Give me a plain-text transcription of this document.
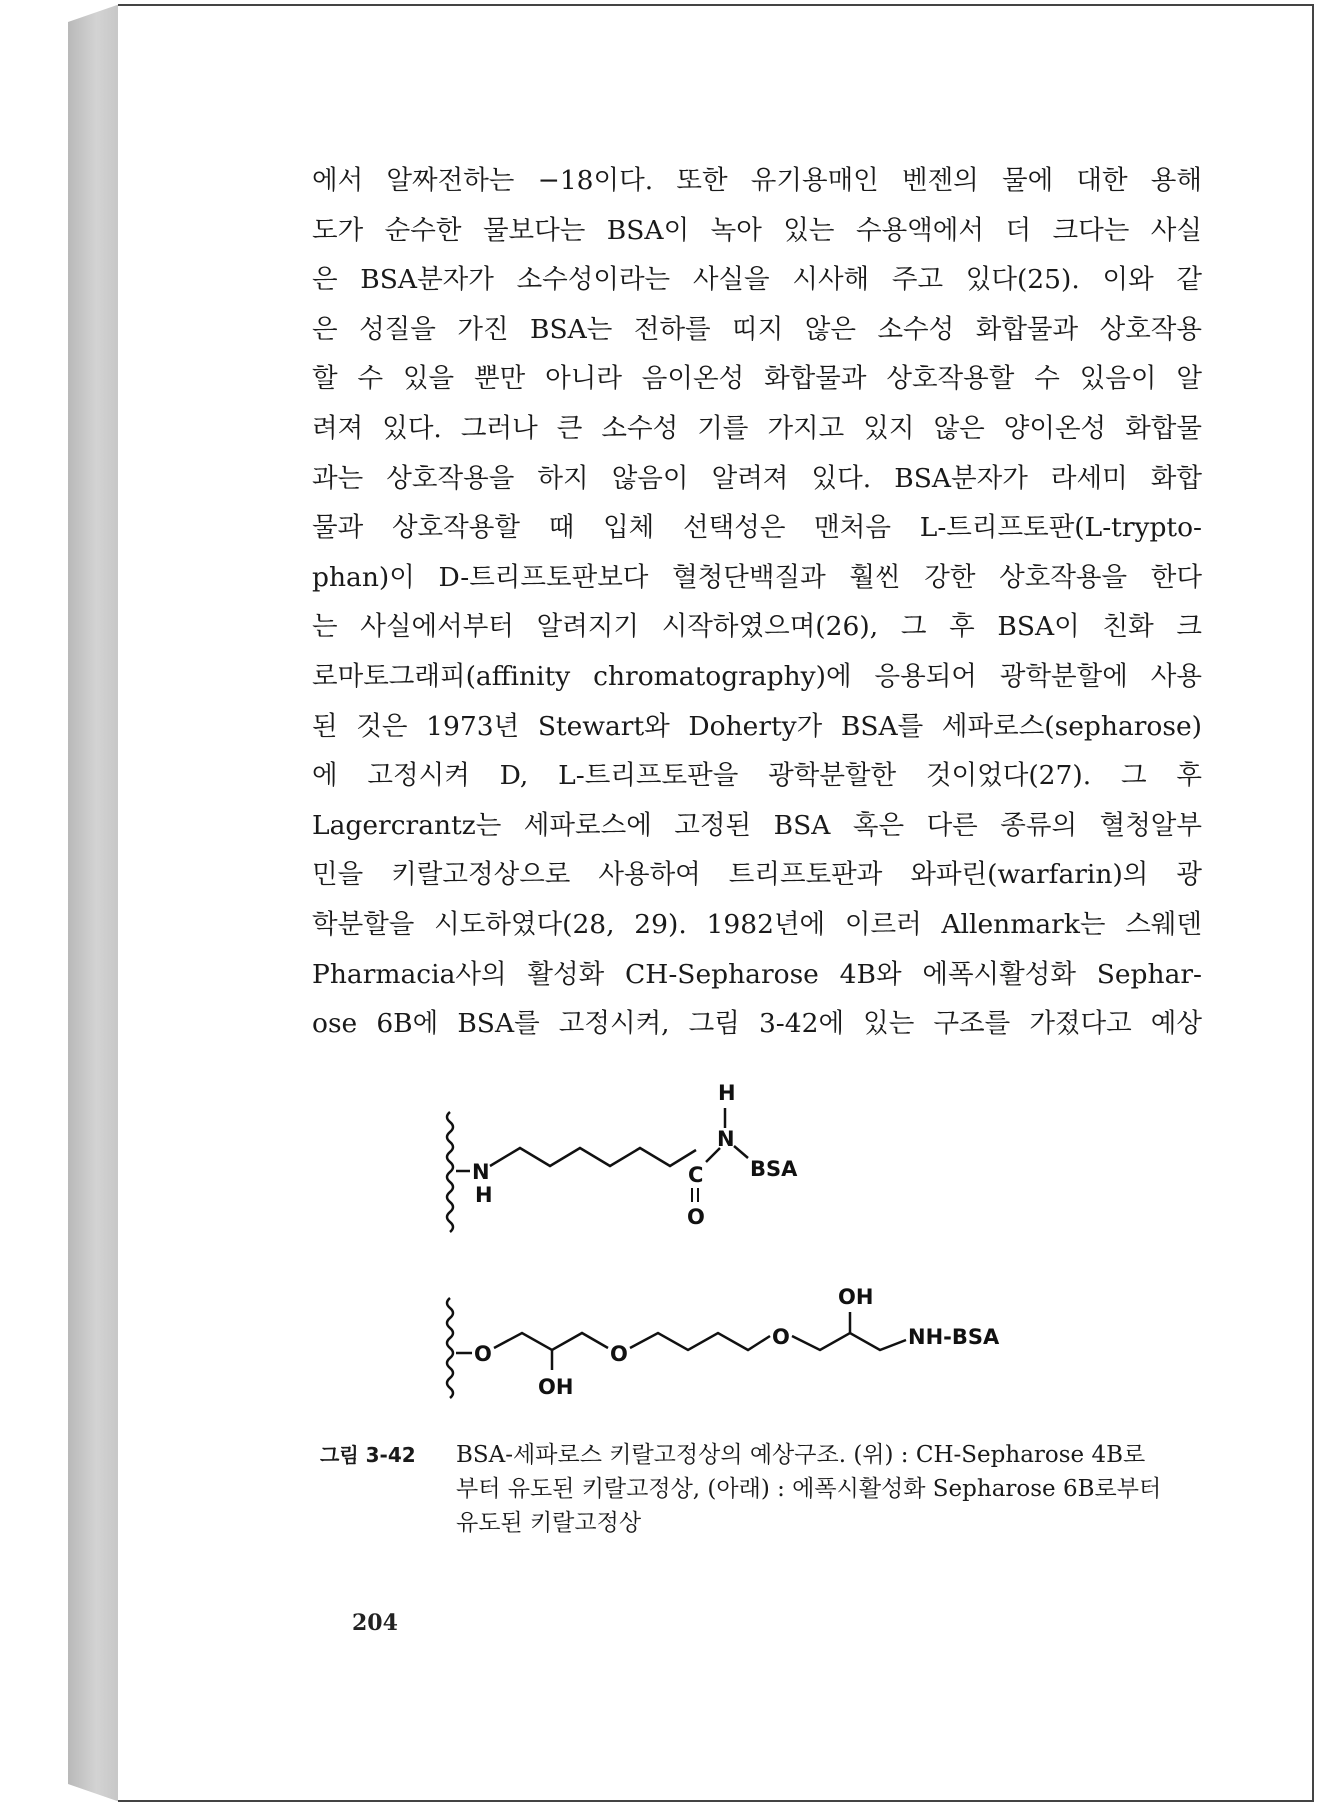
에서 알짜전하는 −18이다. 또한 유기용매인 벤젠의 물에 대한 용해
도가 순수한 물보다는 BSA이 녹아 있는 수용액에서 더 크다는 사실
은 BSA분자가 소수성이라는 사실을 시사해 주고 있다(25). 이와 같
은 성질을 가진 BSA는 전하를 띠지 않은 소수성 화합물과 상호작용
할 수 있을 뿐만 아니라 음이온성 화합물과 상호작용할 수 있음이 알
려져 있다. 그러나 큰 소수성 기를 가지고 있지 않은 양이온성 화합물
과는 상호작용을 하지 않음이 알려져 있다. BSA분자가 라세미 화합
물과 상호작용할 때 입체 선택성은 맨처음 L-트리프토판(L-trypto-
phan)이 D-트리프토판보다 혈청단백질과 훨씬 강한 상호작용을 한다
는 사실에서부터 알려지기 시작하였으며(26), 그 후 BSA이 친화 크
로마토그래피(affinity chromatography)에 응용되어 광학분할에 사용
된 것은 1973년 Stewart와 Doherty가 BSA를 세파로스(sepharose)
에 고정시켜 D, L-트리프토판을 광학분할한 것이었다(27). 그 후
Lagercrantz는 세파로스에 고정된 BSA 혹은 다른 종류의 혈청알부
민을 키랄고정상으로 사용하여 트리프토판과 와파린(warfarin)의 광
학분할을 시도하였다(28, 29). 1982년에 이르러 Allenmark는 스웨덴
Pharmacia사의 활성화 CH-Sepharose 4B와 에폭시활성화 Sephar-
ose 6B에 BSA를 고정시켜, 그림 3-42에 있는 구조를 가졌다고 예상
N
H
C
O
N
H
BSA
O
OH
O
O
OH
NH-BSA
그림 3-42	BSA-세파로스 키랄고정상의 예상구조. (위) : CH-Sepharose 4B로
부터 유도된 키랄고정상, (아래) : 에폭시활성화 Sepharose 6B로부터
유도된 키랄고정상
204
